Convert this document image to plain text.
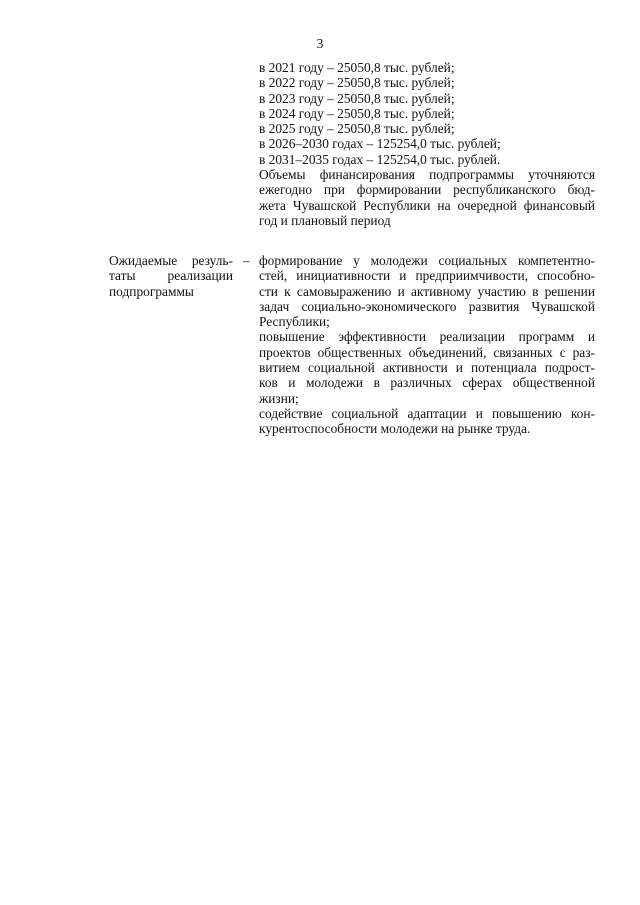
3
в 2021 году – 25050,8 тыс. рублей;
в 2022 году – 25050,8 тыс. рублей;
в 2023 году – 25050,8 тыс. рублей;
в 2024 году – 25050,8 тыс. рублей;
в 2025 году – 25050,8 тыс. рублей;
в 2026–2030 годах – 125254,0 тыс. рублей;
в 2031–2035 годах – 125254,0 тыс. рублей.
Объемы финансирования подпрограммы уточняются
ежегодно при формировании республиканского бюд-
жета Чувашской Республики на очередной финансовый
год и плановый период
Ожидаемые резуль-
таты реализации
подпрограммы
– формирование у молодежи социальных компетентно-
стей, инициативности и предприимчивости, способно-
сти к самовыражению и активному участию в решении
задач социально-экономического развития Чувашской
Республики;
повышение эффективности реализации программ и
проектов общественных объединений, связанных с раз-
витием социальной активности и потенциала подрост-
ков и молодежи в различных сферах общественной
жизни;
содействие социальной адаптации и повышению кон-
курентоспособности молодежи на рынке труда.
